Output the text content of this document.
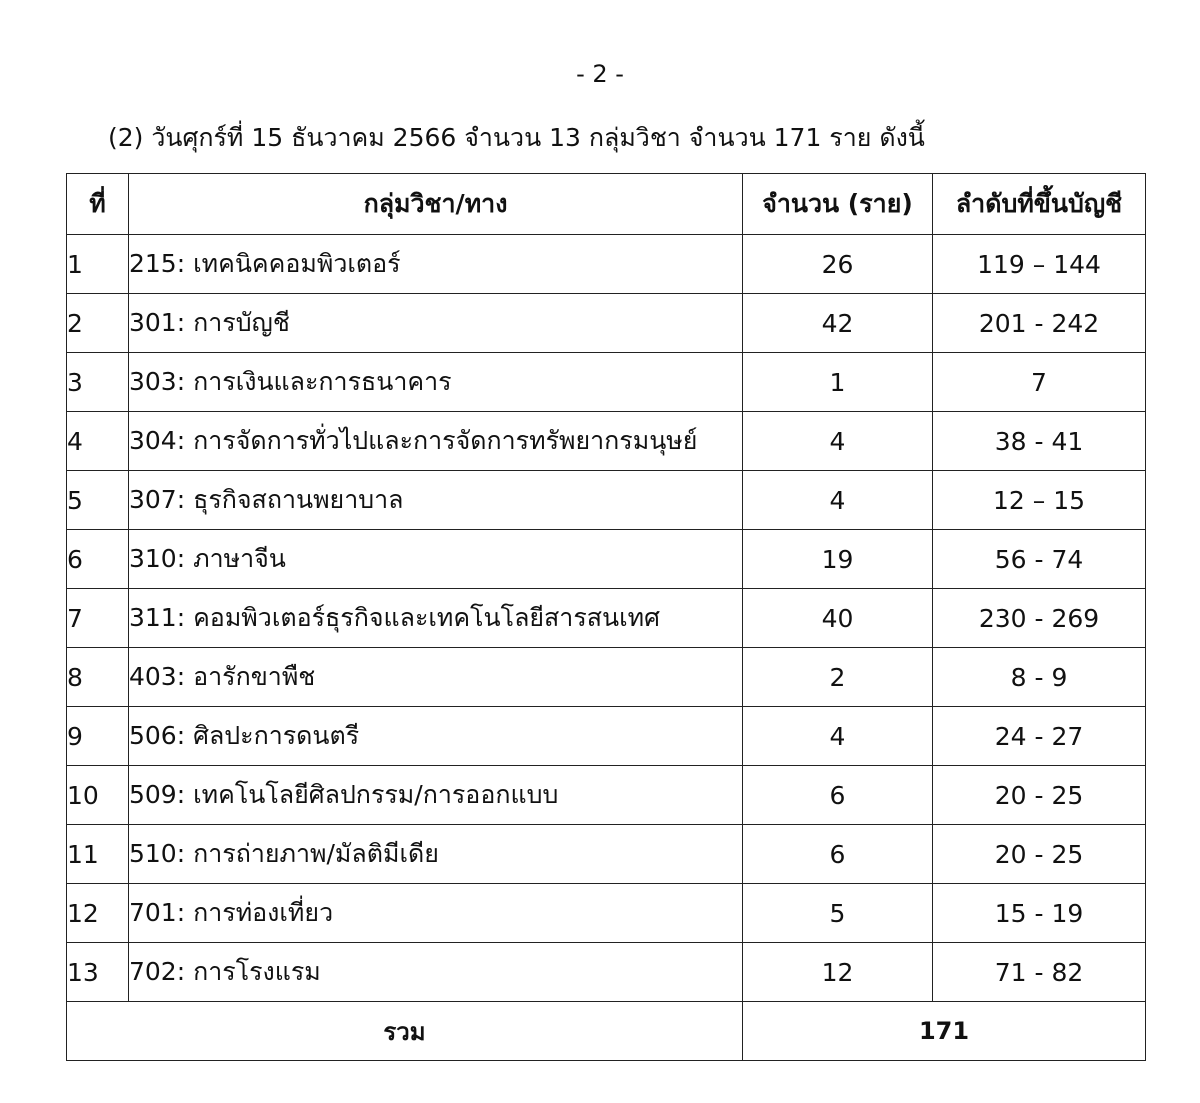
- 2 -
(2) วันศุกร์ที่ 15 ธันวาคม 2566 จำนวน 13 กลุ่มวิชา จำนวน 171 ราย ดังนี้
ที่	กลุ่มวิชา/ทาง	จำนวน (ราย)	ลำดับที่ขึ้นบัญชี
1	215: เทคนิคคอมพิวเตอร์	26	119 – 144
2	301: การบัญชี	42	201 - 242
3	303: การเงินและการธนาคาร	1	7
4	304: การจัดการทั่วไปและการจัดการทรัพยากรมนุษย์	4	38 - 41
5	307: ธุรกิจสถานพยาบาล	4	12 – 15
6	310: ภาษาจีน	19	56 - 74
7	311: คอมพิวเตอร์ธุรกิจและเทคโนโลยีสารสนเทศ	40	230 - 269
8	403: อารักขาพืช	2	8 - 9
9	506: ศิลปะการดนตรี	4	24 - 27
10	509: เทคโนโลยีศิลปกรรม/การออกแบบ	6	20 - 25
11	510: การถ่ายภาพ/มัลติมีเดีย	6	20 - 25
12	701: การท่องเที่ยว	5	15 - 19
13	702: การโรงแรม	12	71 - 82
รวม		171	
